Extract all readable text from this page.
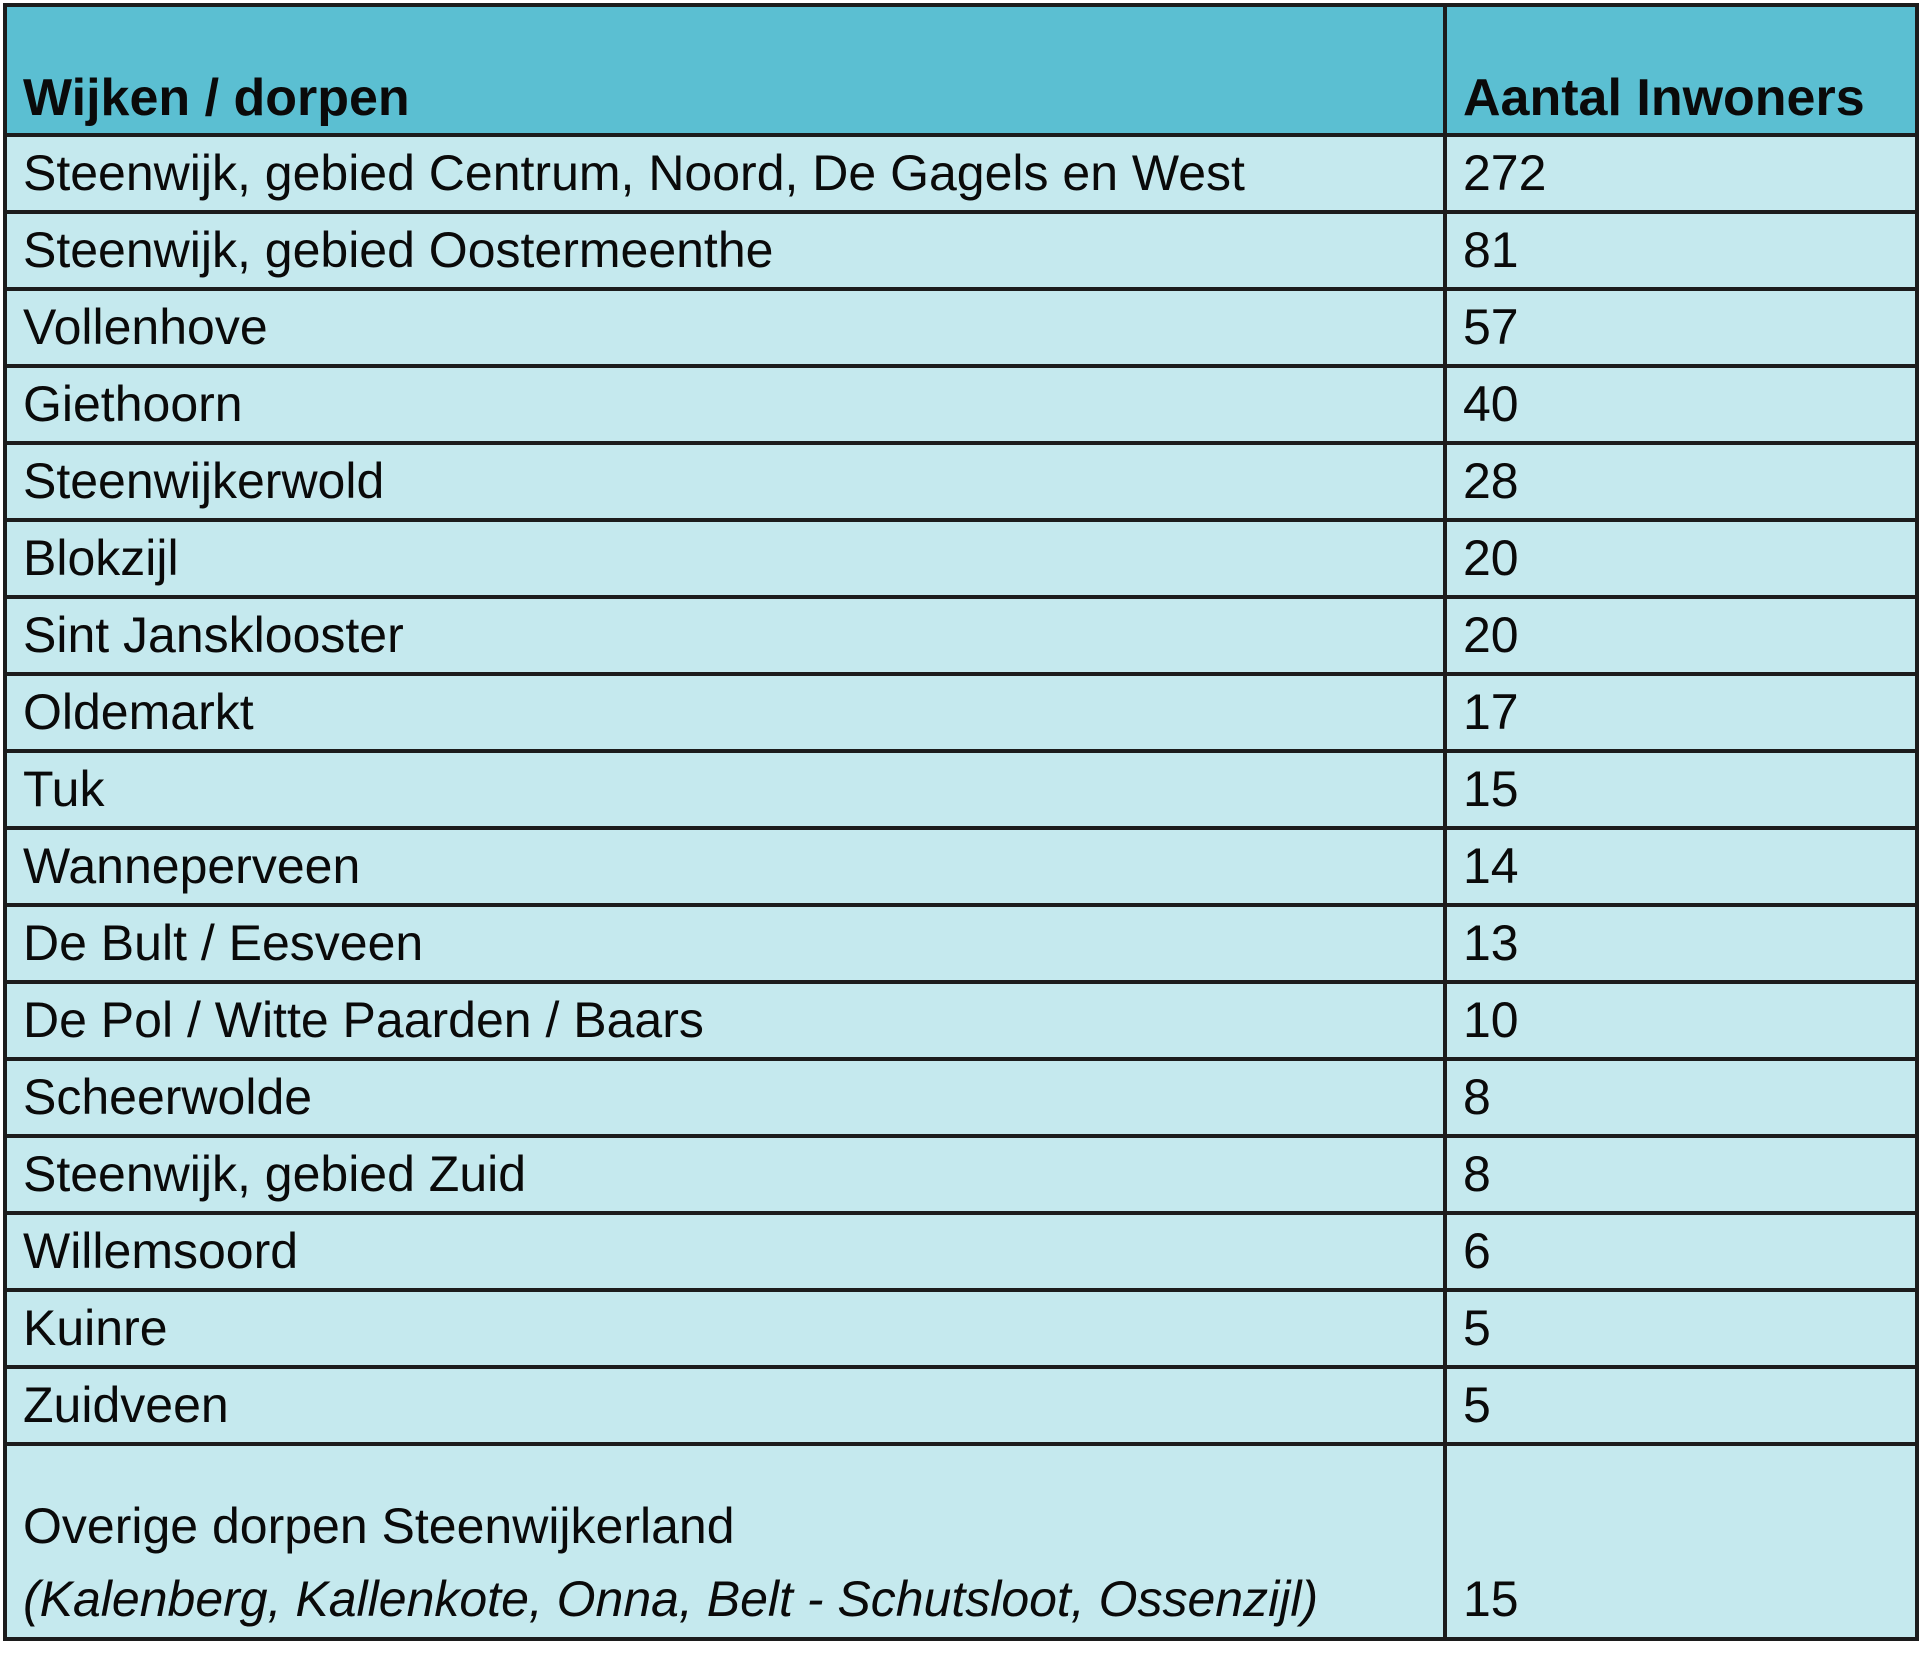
Wijken / dorpen	Aantal Inwoners
Steenwijk, gebied Centrum, Noord, De Gagels en West	272
Steenwijk, gebied Oostermeenthe	81
Vollenhove	57
Giethoorn	40
Steenwijkerwold	28
Blokzijl	20
Sint Jansklooster	20
Oldemarkt	17
Tuk	15
Wanneperveen	14
De Bult / Eesveen	13
De Pol / Witte Paarden / Baars	10
Scheerwolde	8
Steenwijk, gebied Zuid	8
Willemsoord	6
Kuinre	5
Zuidveen	5

Overige dorpen Steenwijkerland
(Kalenberg, Kallenkote, Onna, Belt - Schutsloot, Ossenzijl)	15
